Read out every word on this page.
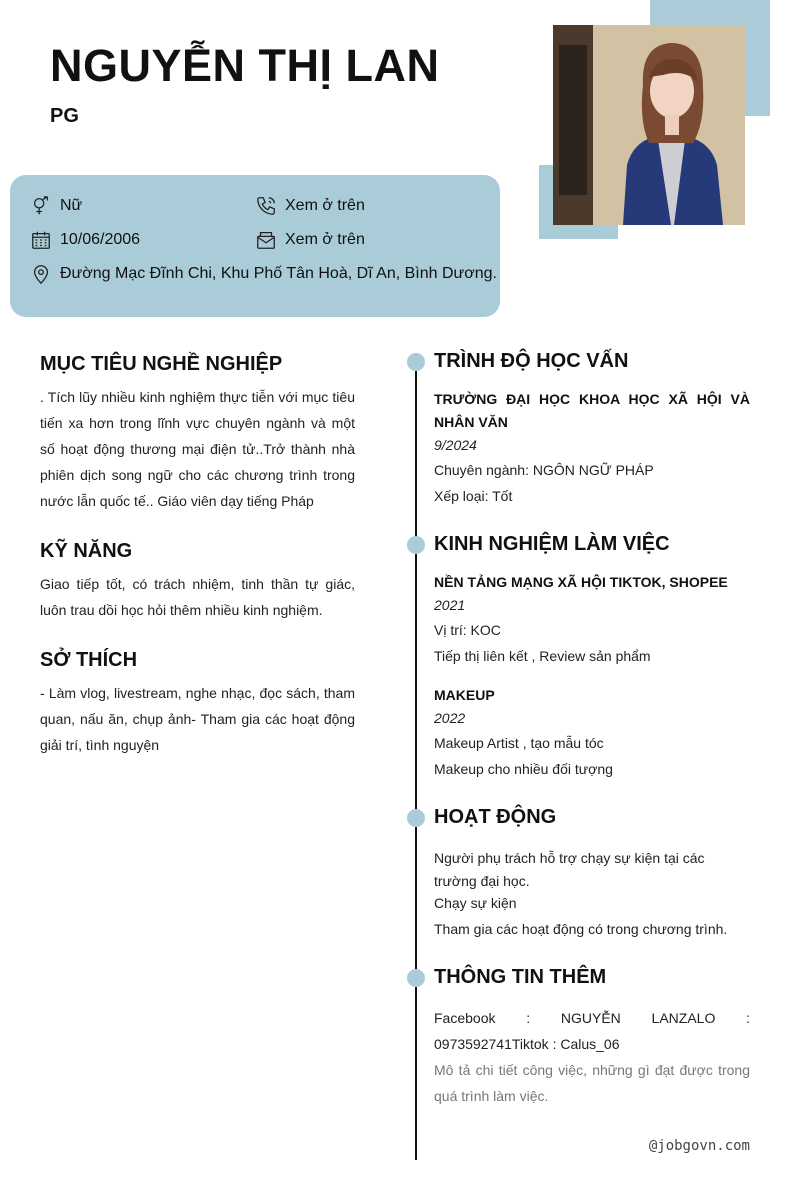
NGUYỄN THỊ LAN
PG
Nữ	Xem ở trên
10/06/2006	Xem ở trên
Đường Mạc Đĩnh Chi, Khu Phố Tân Hoà, Dĩ An, Bình Dương.
MỤC TIÊU NGHỀ NGHIỆP
. Tích lũy nhiều kinh nghiệm thực tiễn với mục tiêu tiến xa hơn trong lĩnh vực chuyên ngành và một số hoạt động thương mại điện tử..Trở thành nhà phiên dịch song ngữ cho các chương trình trong nước lẫn quốc tế.. Giáo viên dạy tiếng Pháp
KỸ NĂNG
Giao tiếp tốt, có trách nhiệm, tinh thần tự giác, luôn trau dồi học hỏi thêm nhiều kinh nghiệm.
SỞ THÍCH
- Làm vlog, livestream, nghe nhạc, đọc sách, tham quan, nấu ăn, chụp ảnh- Tham gia các hoạt động giải trí, tình nguyện
TRÌNH ĐỘ HỌC VẤN
TRƯỜNG ĐẠI HỌC KHOA HỌC XÃ HỘI VÀ NHÂN VĂN
9/2024
Chuyên ngành: NGÔN NGỮ PHÁP
Xếp loại: Tốt
KINH NGHIỆM LÀM VIỆC
NỀN TẢNG MẠNG XÃ HỘI TIKTOK, SHOPEE
2021
Vị trí: KOC
Tiếp thị liên kết , Review sản phẩm
MAKEUP
2022
Makeup Artist , tạo mẫu tóc
Makeup cho nhiều đối tượng
HOẠT ĐỘNG
Người phụ trách hỗ trợ chạy sự kiện tại các trường đại học.
Chạy sự kiện
Tham gia các hoạt động có trong chương trình.
THÔNG TIN THÊM
Facebook : NGUYỄN LANZALO : 0973592741Tiktok : Calus_06
Mô tả chi tiết công việc, những gì đạt được trong quá trình làm việc.
@jobgovn.com
